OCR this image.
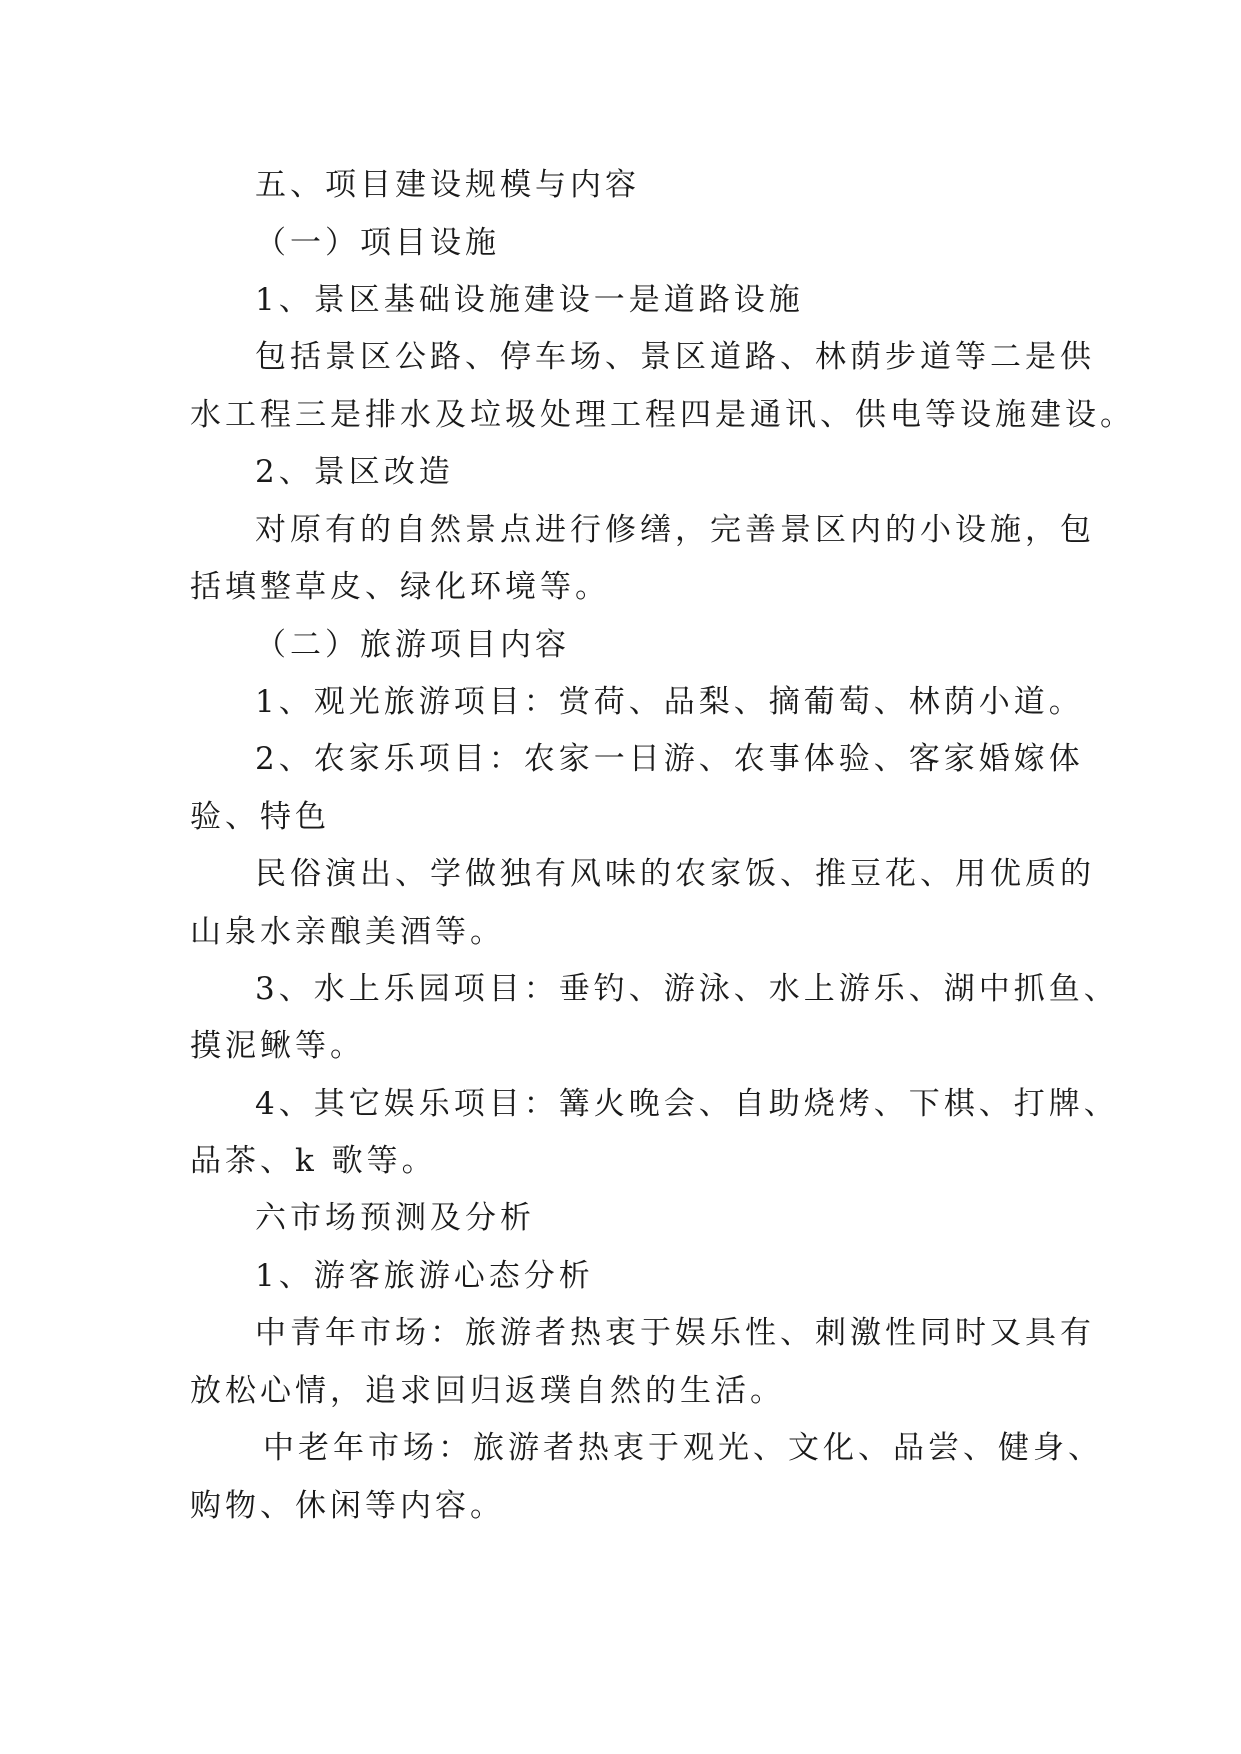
五、项目建设规模与内容
（一）项目设施
1、景区基础设施建设一是道路设施
包括景区公路、停车场、景区道路、林荫步道等二是供
水工程三是排水及垃圾处理工程四是通讯、供电等设施建设。
2、景区改造
对原有的自然景点进行修缮，完善景区内的小设施，包
括填整草皮、绿化环境等。
（二）旅游项目内容
1、观光旅游项目：赏荷、品梨、摘葡萄、林荫小道。
2、农家乐项目：农家一日游、农事体验、客家婚嫁体
验、特色
民俗演出、学做独有风味的农家饭、推豆花、用优质的
山泉水亲酿美酒等。
3、水上乐园项目：垂钓、游泳、水上游乐、湖中抓鱼、
摸泥鳅等。
4、其它娱乐项目：篝火晚会、自助烧烤、下棋、打牌、
品茶、k 歌等。
六市场预测及分析
1、游客旅游心态分析
中青年市场：旅游者热衷于娱乐性、刺激性同时又具有
放松心情，追求回归返璞自然的生活。
中老年市场：旅游者热衷于观光、文化、品尝、健身、
购物、休闲等内容。
